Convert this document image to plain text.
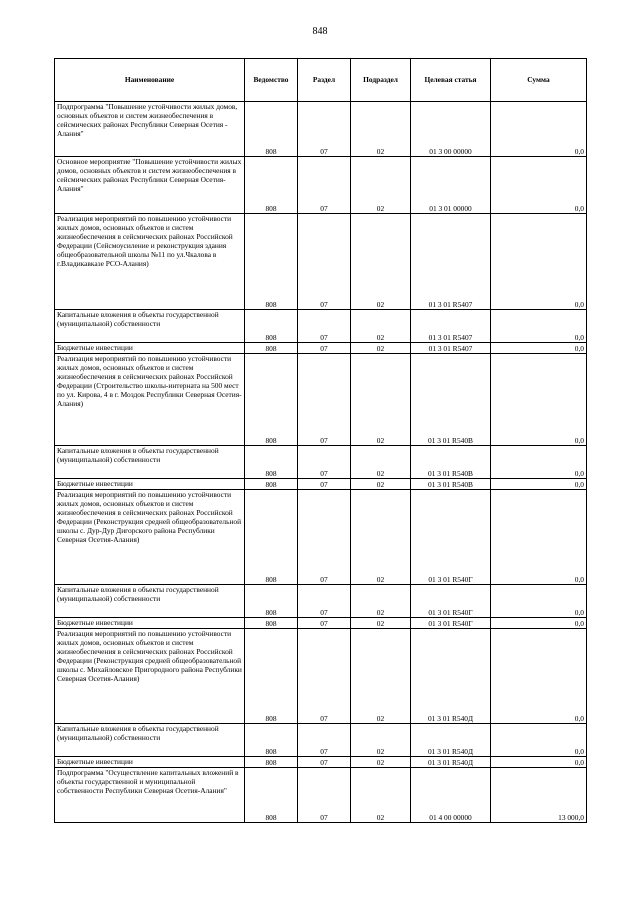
848
Наименование	Ведомство	Раздел	Подраздел	Целевая статья	Сумма
Подпрограмма "Повышение устойчивости жилых домов, основных объектов и систем жизнеобеспечения в сейсмических районах Республики Северная Осетия - Алания"	808	07	02	01 3 00 00000	0,0
Основное мероприятие "Повышение устойчивости жилых домов, основных объектов и систем жизнеобеспечения в сейсмических районах Республики Северная Осетия-Алания"	808	07	02	01 3 01 00000	0,0
Реализация мероприятий по повышению устойчивости жилых домов, основных объектов и систем жизнеобеспечения в сейсмических районах Российской Федерации (Сейсмоусиление и реконструкция здания общеобразовательной школы №11 по ул.Чкалова в г.Владикавказе РСО-Алания)	808	07	02	01 3 01 R5407	0,0
Капитальные вложения в объекты государственной (муниципальной) собственности	808	07	02	01 3 01 R5407	0,0
Бюджетные инвестиции	808	07	02	01 3 01 R5407	0,0
Реализация мероприятий по повышению устойчивости жилых домов, основных объектов и систем жизнеобеспечения в сейсмических районах Российской Федерации (Строительство школы-интерната на 500 мест по ул. Кирова, 4 в г. Моздок Республики Северная Осетия-Алания)	808	07	02	01 3 01 R540В	0,0
Капитальные вложения в объекты государственной (муниципальной) собственности	808	07	02	01 3 01 R540В	0,0
Бюджетные инвестиции	808	07	02	01 3 01 R540В	0,0
Реализация мероприятий по повышению устойчивости жилых домов, основных объектов и систем жизнеобеспечения в сейсмических районах Российской Федерации (Реконструкция средней общеобразовательной школы с. Дур-Дур Дигорского района Республики Северная Осетия-Алания)	808	07	02	01 3 01 R540Г	0,0
Капитальные вложения в объекты государственной (муниципальной) собственности	808	07	02	01 3 01 R540Г	0,0
Бюджетные инвестиции	808	07	02	01 3 01 R540Г	0,0
Реализация мероприятий по повышению устойчивости жилых домов, основных объектов и систем жизнеобеспечения в сейсмических районах Российской Федерации (Реконструкция средней общеобразовательной школы с. Михайловское Пригородного района Республики Северная Осетия-Алания)	808	07	02	01 3 01 R540Д	0,0
Капитальные вложения в объекты государственной (муниципальной) собственности	808	07	02	01 3 01 R540Д	0,0
Бюджетные инвестиции	808	07	02	01 3 01 R540Д	0,0
Подпрограмма "Осуществление капитальных вложений в объекты государственной и муниципальной собственности Республики Северная Осетия-Алания"	808	07	02	01 4 00 00000	13 000,0
